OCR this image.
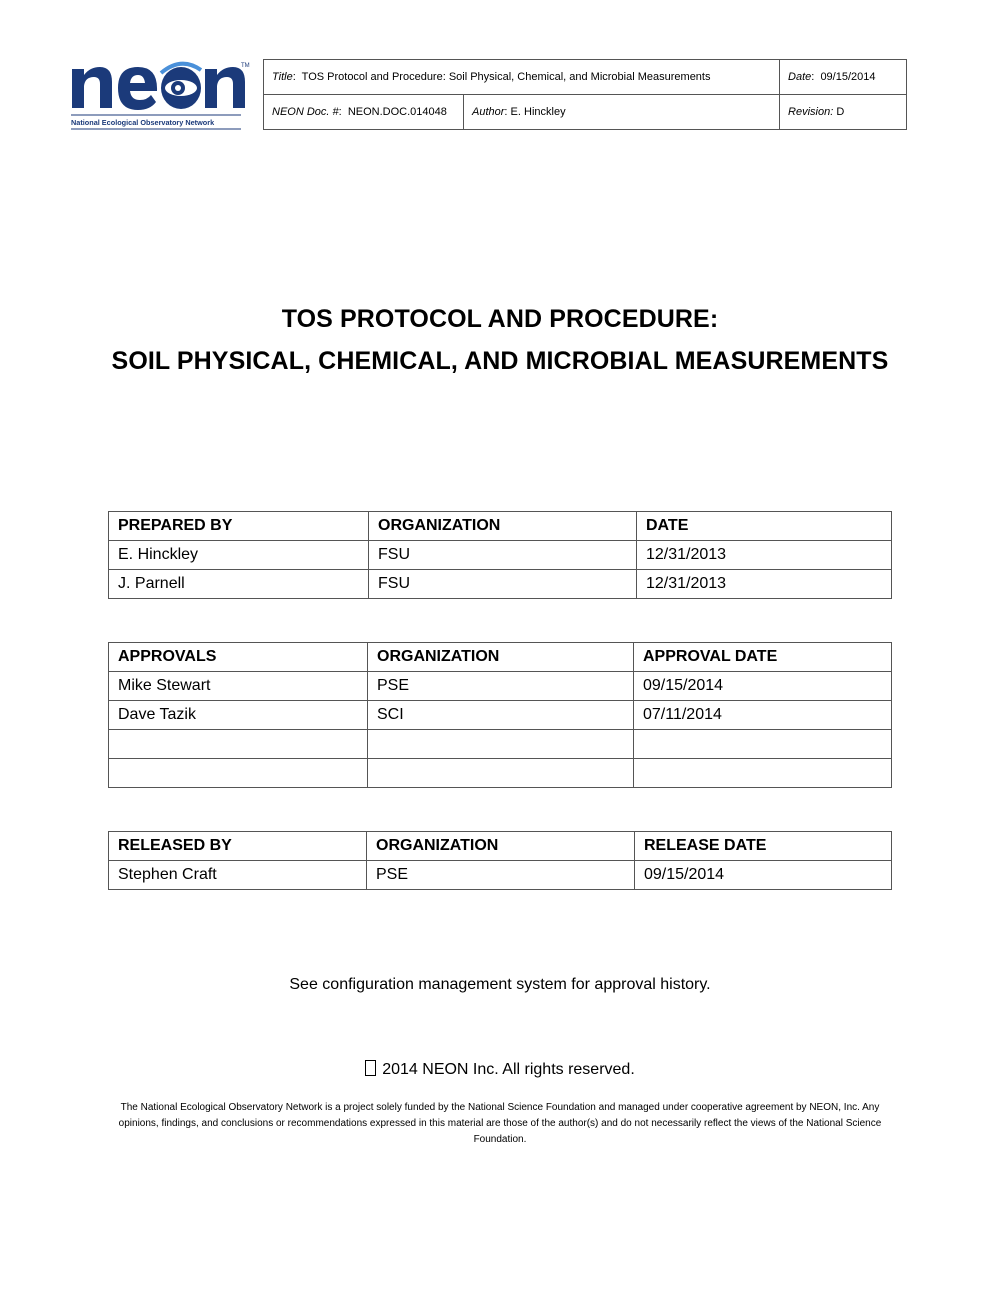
TM
National Ecological Observatory Network
Title:  TOS Protocol and Procedure: Soil Physical, Chemical, and Microbial Measurements		Date:  09/15/2014
NEON Doc. #:  NEON.DOC.014048	Author: E. Hinckley	Revision: D
TOS PROTOCOL AND PROCEDURE:
SOIL PHYSICAL, CHEMICAL, AND MICROBIAL MEASUREMENTS
PREPARED BY	ORGANIZATION	DATE
E. Hinckley	FSU	12/31/2013
J. Parnell	FSU	12/31/2013
APPROVALS	ORGANIZATION	APPROVAL DATE
Mike Stewart	PSE	09/15/2014
Dave Tazik	SCI	07/11/2014

RELEASED BY	ORGANIZATION	RELEASE DATE
Stephen Craft	PSE	09/15/2014
See configuration management system for approval history.
2014 NEON Inc. All rights reserved.
The National Ecological Observatory Network is a project solely funded by the National Science Foundation and managed under cooperative agreement by NEON, Inc. Any opinions, findings, and conclusions or recommendations expressed in this material are those of the author(s) and do not necessarily reflect the views of the National Science Foundation.
